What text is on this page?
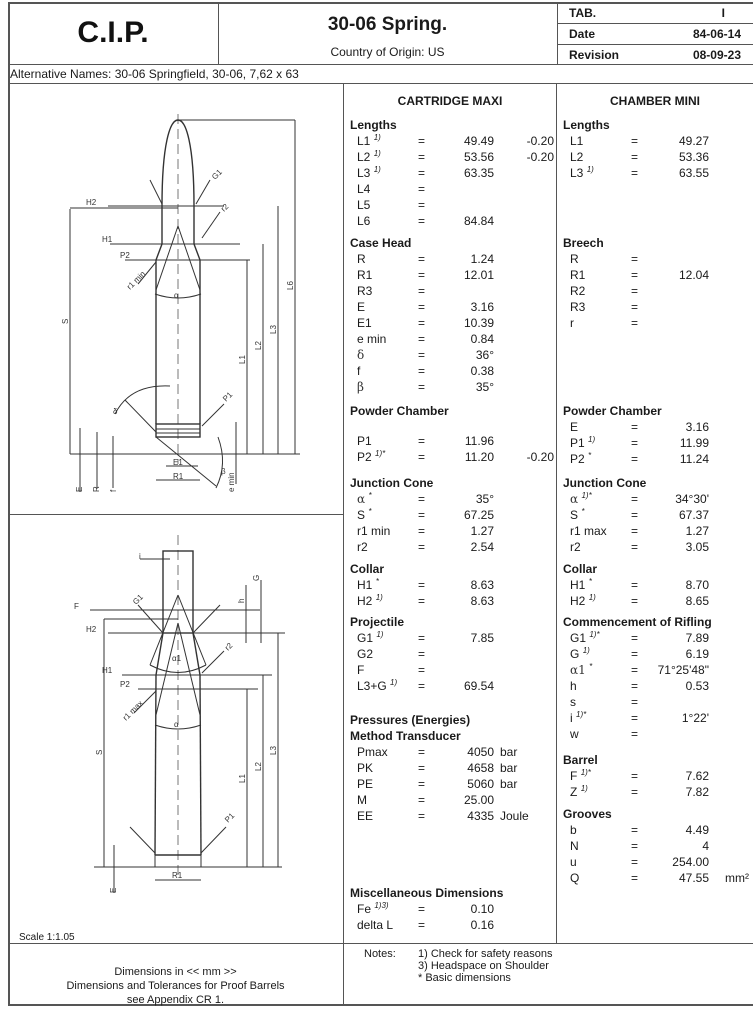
C.I.P.	30-06 Spring.
Country of Origin: US
TAB.	I
Date	84-06-14
Revision	08-09-23
Alternative Names: 30-06 Springfield, 30-06, 7,62 x 63
H2
H1
P2
r1 min
G1
r2
α
S
L1
L2
L3
L6
δ
P1
E1
R1
β
e min
E R f
i
F
G1
G
h
H2
α1
r2
H1
P2
r1 max
α
S
L1
L2
L3
P1
R1
E
Scale 1:1.05
CARTRIDGE MAXI
Lengths
L1 $^{1)}$	=	49.49	-0.20
L2 $^{1)}$	=	53.56	-0.20
L3 $^{1)}$	=	63.35
L4	=
L5	=
L6	=	84.84
Case Head
R	=	1.24
R1	=	12.01
R3	=
E	=	3.16
E1	=	10.39
e min	=	0.84
δ	=	36°
f	=	0.38
β	=	35°
Powder Chamber
P1	=	11.96
P2 $^{1)*}$	=	11.20	-0.20
Junction Cone
α *	=	35°
S *	=	67.25
r1 min =	1.27
r2	=	2.54
Collar
H1 *	=	8.63
H2 $^{1)}$	=	8.63
Projectile
G1 $^{1)}$	=	7.85
G2	=
F	=
L3+G $^{1)}$ =	69.54
Pressures (Energies)
Method Transducer
Pmax	=	4050 bar
PK	=	4658 bar
PE	=	5060 bar
M	=	25.00
EE	=	4335 Joule
Miscellaneous Dimensions
Fe $^{1)3)}$ =	0.10
delta L =	0.16
CHAMBER MINI
Lengths
L1	=	49.27
L2	=	53.36
L3 $^{1)}$	=	63.55
Breech
R	=
R1	=	12.04
R2	=
R3	=
r	=
Powder Chamber
E	=	3.16
P1 $^{1)}$	=	11.99
P2 *	=	11.24
Junction Cone
α $^{1)*}$	=	34°30'
S *	=	67.37
r1 max =	1.27
r2	=	3.05
Collar
H1 *	=	8.70
H2 $^{1)}$	=	8.65
Commencement of Rifling
G1 $^{1)*}$	=	7.89
G $^{1)}$	=	6.19
α1 *	= 71°25'48"
h	=	0.53
s	=
i $^{1)*}$	=	1°22'
w	=
Barrel
F $^{1)*}$	=	7.62
Z $^{1)}$	=	7.82
Grooves
b	=	4.49
N	=	4
u	=	254.00
Q	=	47.55 mm²
Dimensions in << mm >>
Dimensions and Tolerances for Proof Barrels
see Appendix CR 1.
Notes: 1) Check for safety reasons
3) Headspace on Shoulder
* Basic dimensions
